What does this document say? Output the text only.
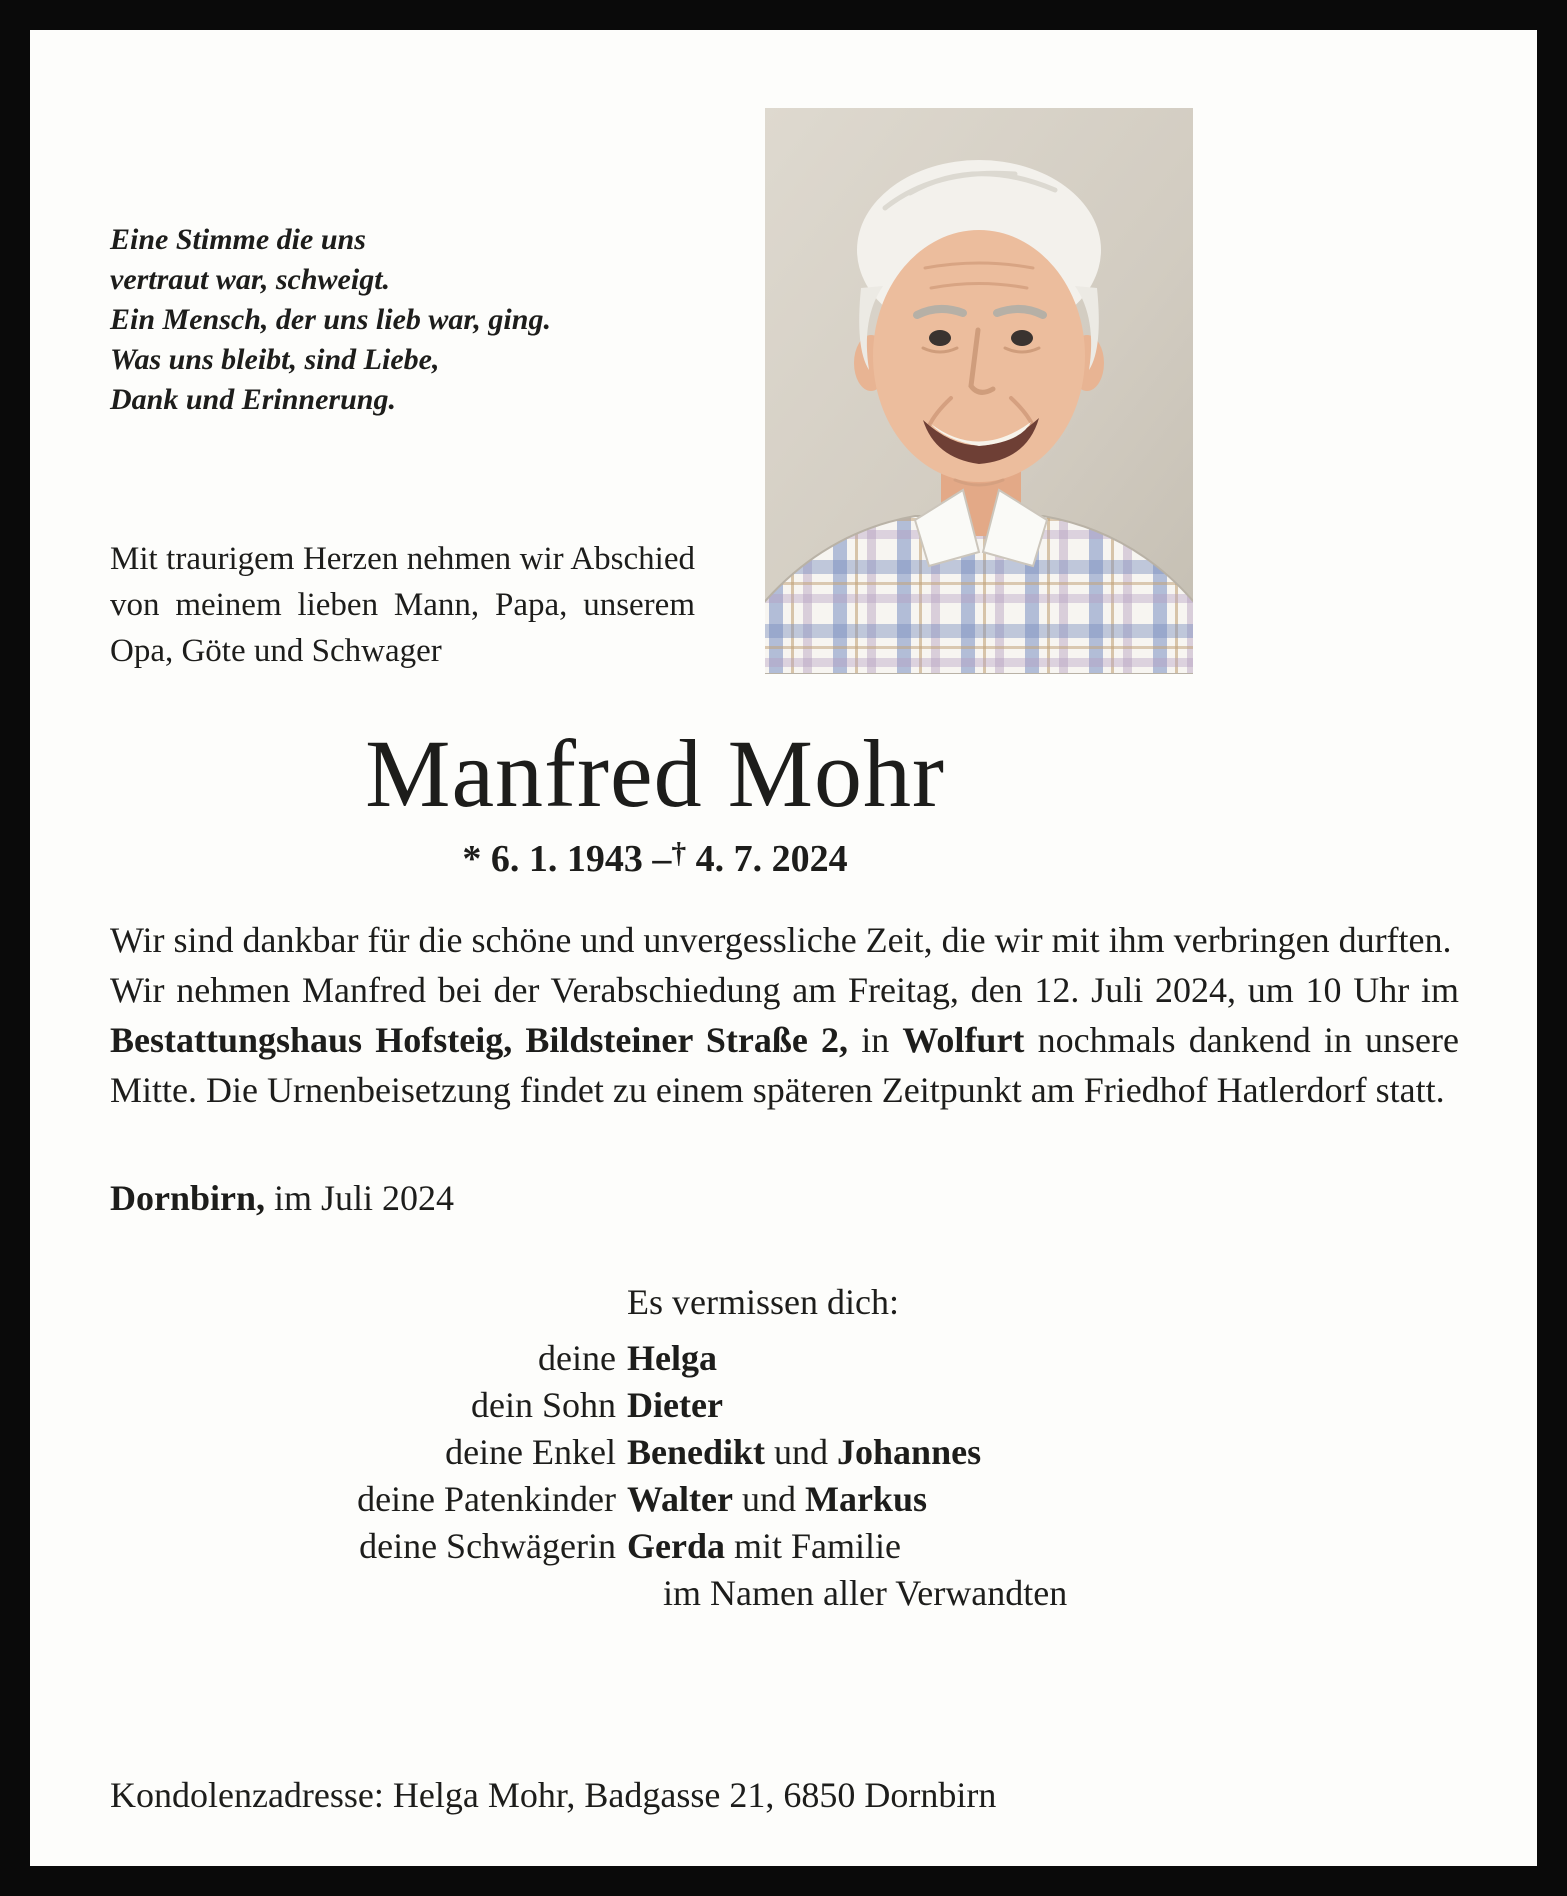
Eine Stimme die uns
vertraut war, schweigt.
Ein Mensch, der uns lieb war, ging.
Was uns bleibt, sind Liebe,
Dank und Erinnerung.
Mit traurigem Herzen nehmen wir Abschied von meinem lieben Mann, Papa, unserem Opa, Göte und Schwager
Manfred Mohr
* 6. 1. 1943 –† 4. 7. 2024

Wir sind dankbar für die schöne und unvergessliche Zeit, die wir mit ihm verbringen durften.

Wir nehmen Manfred bei der Verabschiedung am Freitag, den 12. Juli 2024, um 10 Uhr im Bestattungshaus Hofsteig, Bildsteiner Straße 2, in Wolfurt nochmals dankend in unsere Mitte. Die Urnenbeisetzung findet zu einem späteren Zeitpunkt am Friedhof Hatlerdorf statt.

Dornbirn, im Juli 2024
Es vermissen dich:
deine Helga
dein Sohn Dieter
deine Enkel Benedikt und Johannes
deine Patenkinder Walter und Markus
deine Schwägerin Gerda mit Familie
im Namen aller Verwandten
Kondolenzadresse: Helga Mohr, Badgasse 21, 6850 Dornbirn
